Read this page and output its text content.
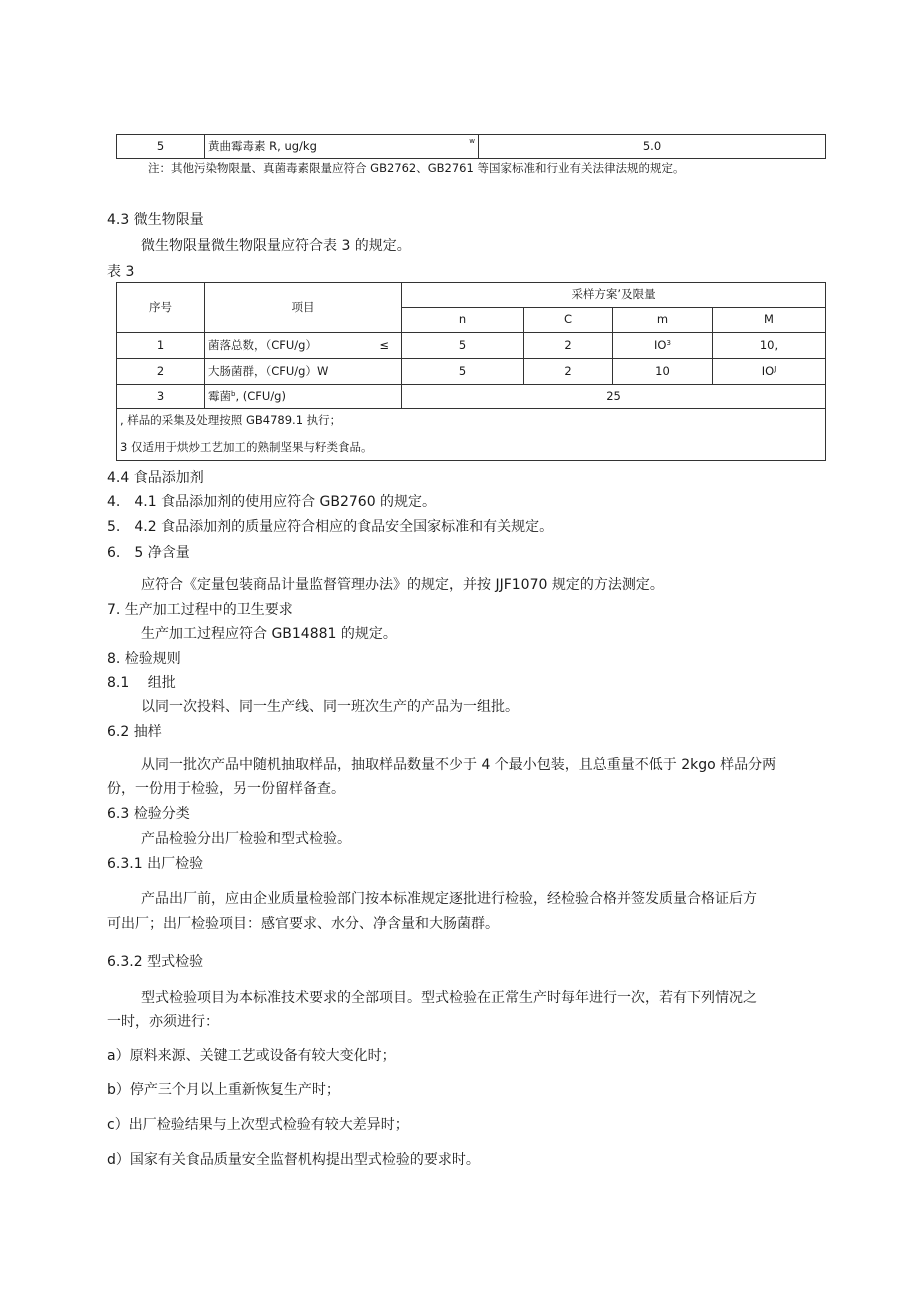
5	黄曲霉毒素 R, ug/kg	w	5.0
注：其他污染物限量、真菌毒素限量应符合 GB2762、GB2761 等国家标准和行业有关法律法规的规定。
4.3 微生物限量
微生物限量微生物限量应符合表 3 的规定。
表 3
序号	项目	采样方案’及限量			
		n	C	m	M
1	菌落总数，（CFU/g） ≤	5	2	$IO^3$	10,
2	大肠菌群，（CFU/g）W	5	2	10	$IO^J$
3	霉菌$^b$, (CFU/g)	25			

, 样品的采集及处理按照 GB4789.1 执行；
3 仅适用于烘炒工艺加工的熟制坚果与籽类食品。					
4.4 食品添加剂
4.　4.1 食品添加剂的使用应符合 GB2760 的规定。
5.　4.2 食品添加剂的质量应符合相应的食品安全国家标准和有关规定。
6.　5 净含量
应符合《定量包装商品计量监督管理办法》的规定，并按 JJF1070 规定的方法测定。
7. 生产加工过程中的卫生要求
生产加工过程应符合 GB14881 的规定。
8. 检验规则
8.1　 组批
以同一次投料、同一生产线、同一班次生产的产品为一组批。
6.2 抽样
从同一批次产品中随机抽取样品，抽取样品数量不少于 4 个最小包装，且总重量不低于 2kgo 样品分两
份，一份用于检验，另一份留样备查。
6.3 检验分类
产品检验分出厂检验和型式检验。
6.3.1 出厂检验
产品出厂前，应由企业质量检验部门按本标准规定逐批进行检验，经检验合格并签发质量合格证后方
可出厂；出厂检验项目：感官要求、水分、净含量和大肠菌群。
6.3.2 型式检验
型式检验项目为本标准技术要求的全部项目。型式检验在正常生产时每年进行一次，若有下列情况之
一时，亦须进行：
a）原料来源、关键工艺或设备有较大变化时；
b）停产三个月以上重新恢复生产时；
c）出厂检验结果与上次型式检验有较大差异时；
d）国家有关食品质量安全监督机构提出型式检验的要求时。
